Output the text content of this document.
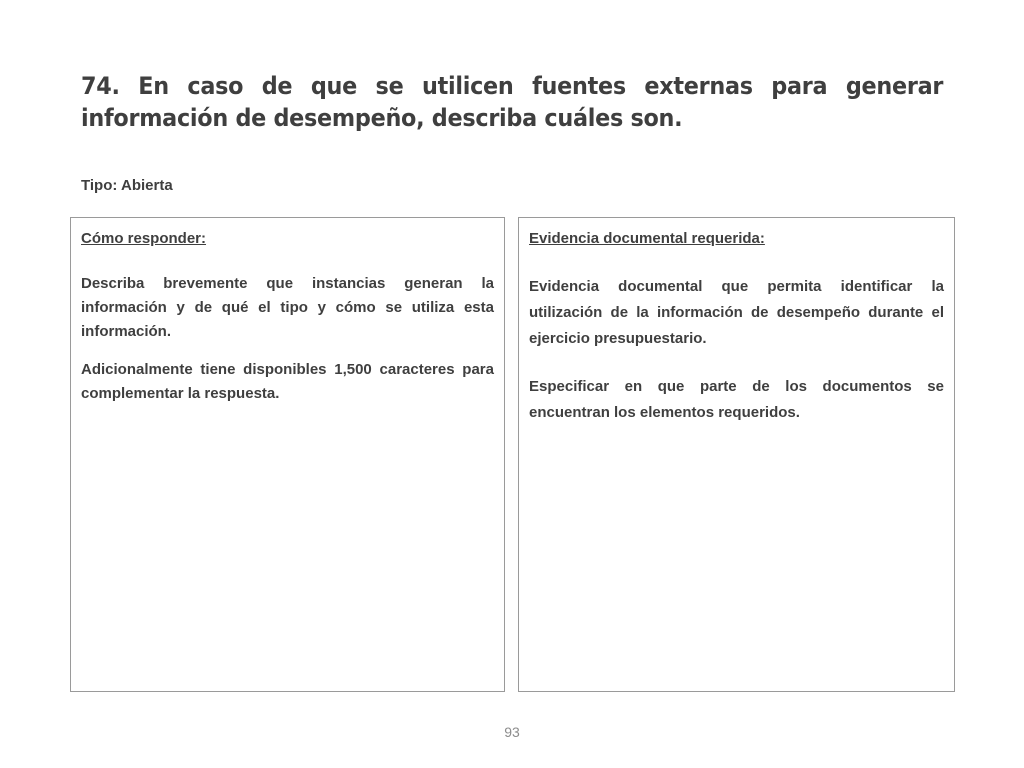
74. En caso de que se utilicen fuentes externas para generar información de desempeño, describa cuáles son.
Tipo: Abierta
Cómo responder:

Describa brevemente que instancias generan la información y de qué el tipo y cómo se utiliza esta información.

Adicionalmente tiene disponibles 1,500 caracteres para complementar la respuesta.

Evidencia documental requerida:

Evidencia documental que permita identificar la utilización de la información de desempeño durante el ejercicio presupuestario.

Especificar en que parte de los documentos se encuentran los elementos requeridos.

93
